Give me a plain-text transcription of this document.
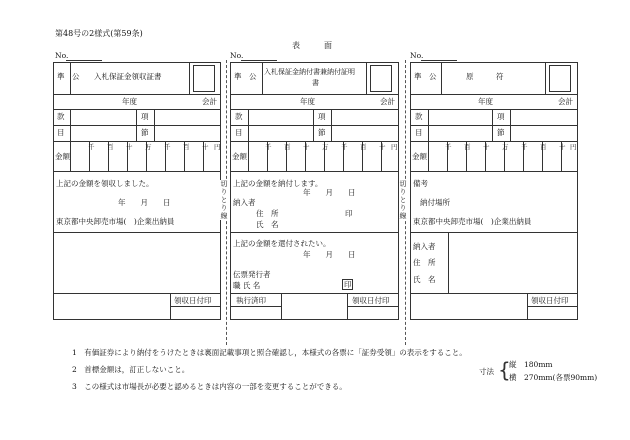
第48号の2様式(第59条)
表　　　面
No.
準　公 入札保証金領収証書
年度	会計
款	項
目	節
金額
千 百 十 万 千 百 十 円
上記の金額を領収しました。
年　　月　　日
東京都中央卸売市場(　)企業出納員
領収日付印
切りとり線
No.
準　公 入札保証金納付書兼納付証明
書
年度	会計
款	項
目	節
金額
千 百 十 万 千 百 十 円
上記の金額を納付します。
年　　月　　日
納入者
住　所	印
氏　名
上記の金額を還付されたい。
年　　月　　日
伝票発行者
職 氏 名	印
執行済印	領収日付印
切りとり線
No.
準　公	原　　　符
年度	会計
款	項
目	節
金額
千 百 十 万 千 百 十 円
備考
納付場所
東京都中央卸売市場(　)企業出納員
納入者
住　所
氏　名
領収日付印
1　有価証券により納付をうけたときは裏面記載事項と照合確認し，本様式の各票に「証券受領」の表示をすること。
2　首標金額は，訂正しないこと。
3　この様式は市場長が必要と認めるときは内容の一部を変更することができる。
寸法 {
縦　180mm
横　270mm(各票90mm)
